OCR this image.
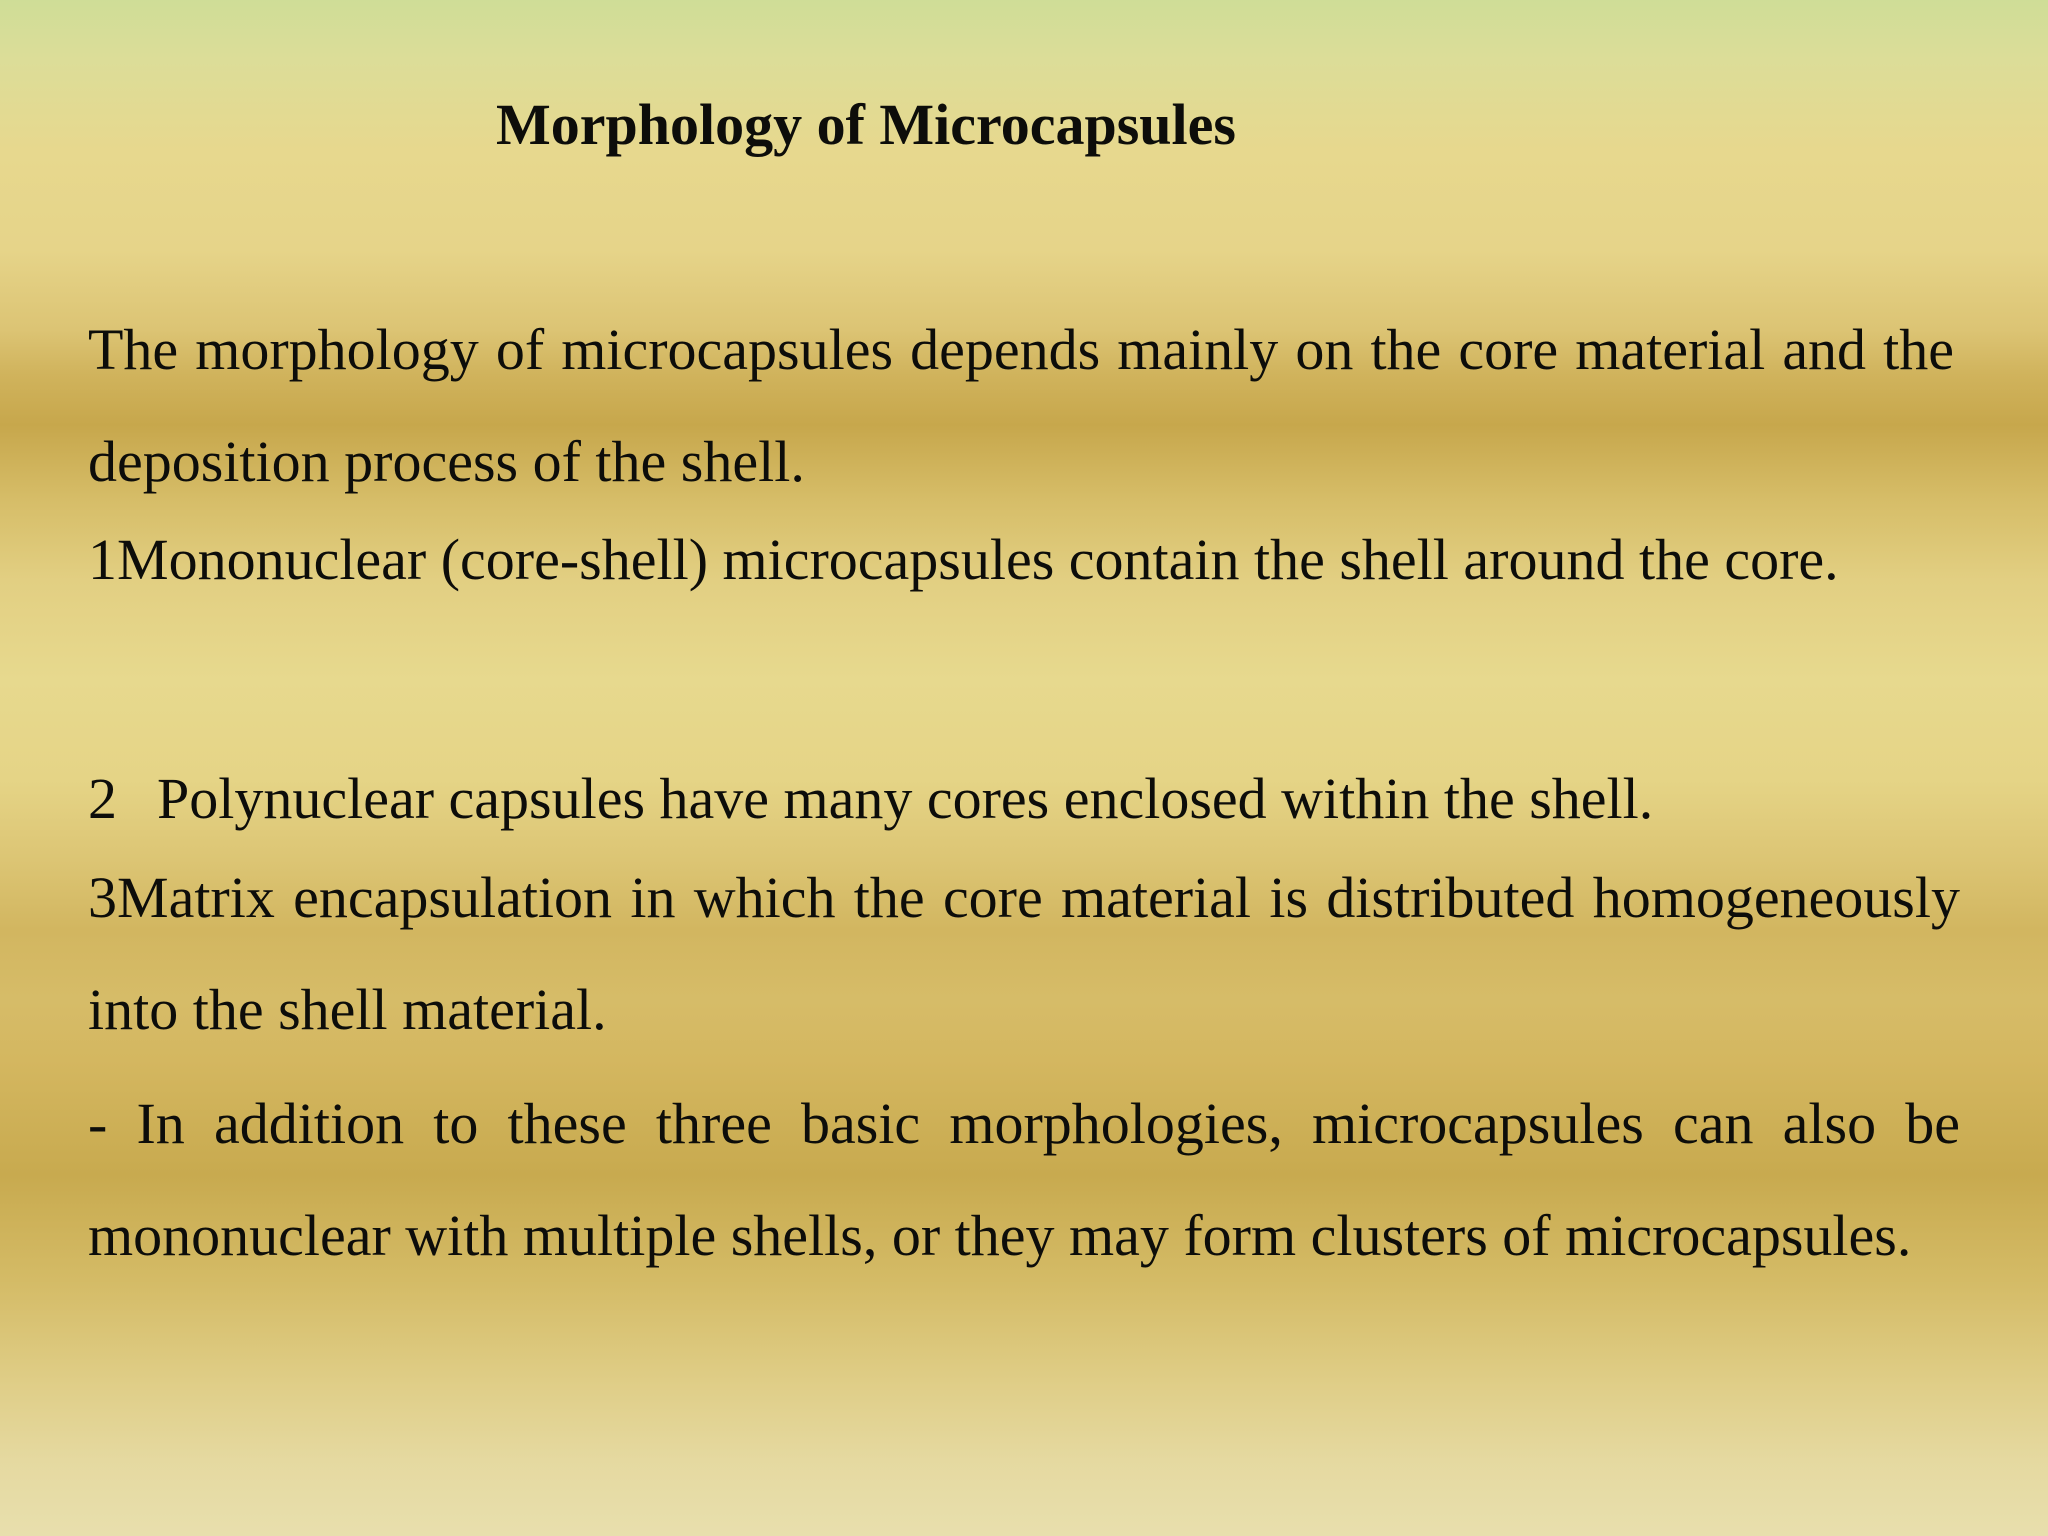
Morphology of Microcapsules

The morphology of microcapsules depends mainly on the core material and the deposition process of the shell.

1Mononuclear (core-shell) microcapsules contain the shell around the core.

2 Polynuclear capsules have many cores enclosed within the shell.

3Matrix encapsulation in which the core material is distributed homogeneously into the shell material.

- In addition to these three basic morphologies, microcapsules can also be mononuclear with multiple shells, or they may form clusters of microcapsules.
